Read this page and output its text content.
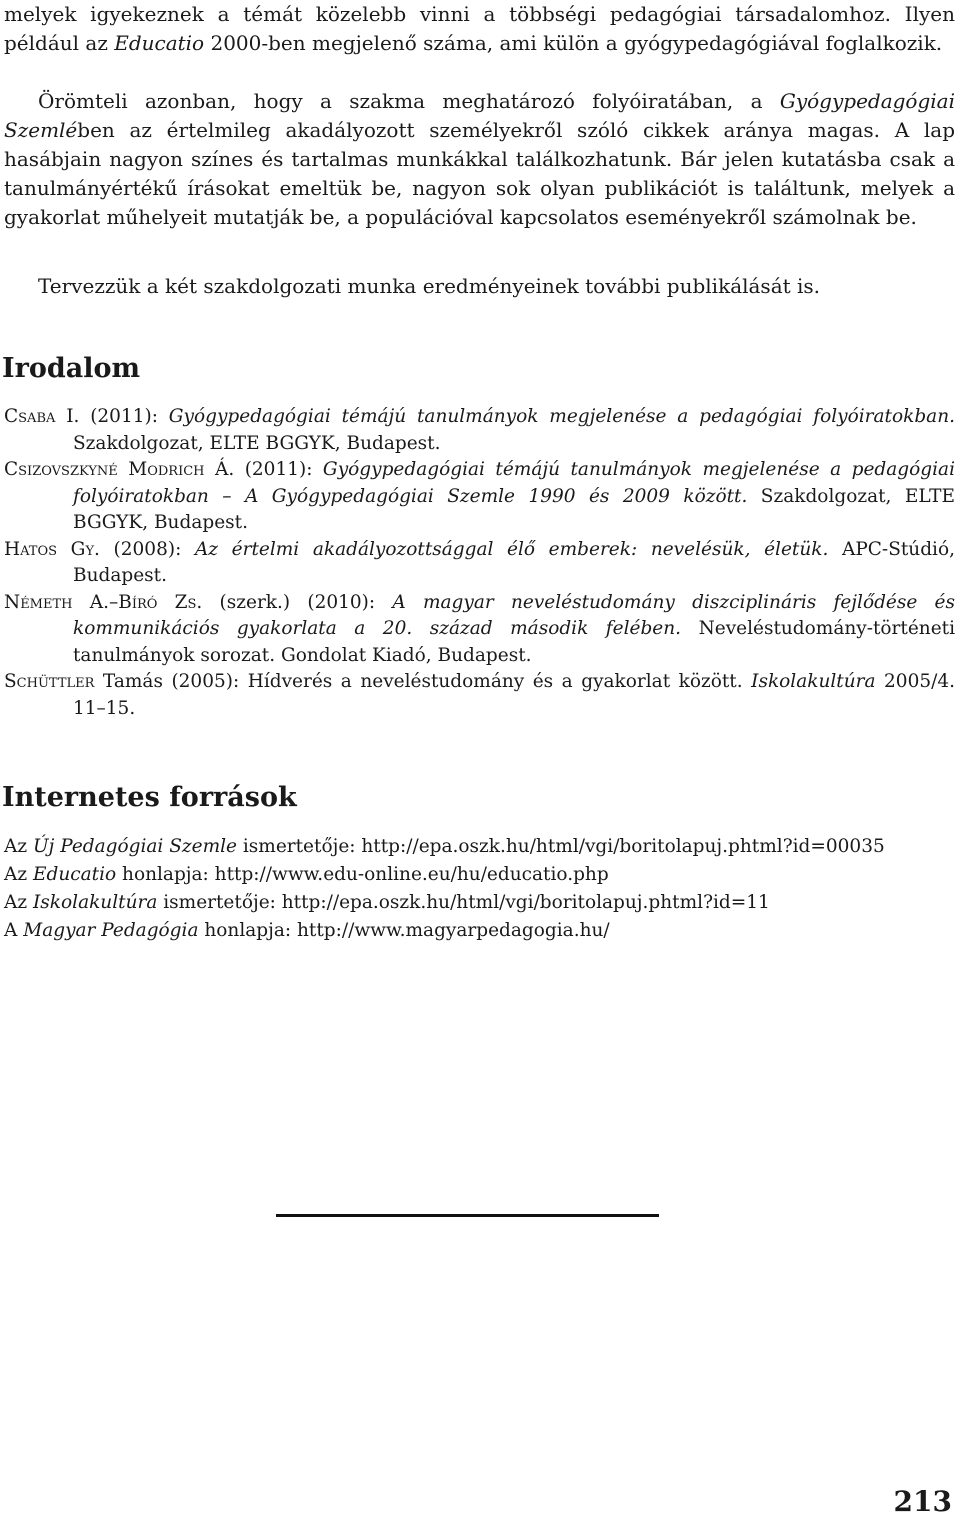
melyek igyekeznek a témát közelebb vinni a többségi pedagógiai társadalomhoz. Ilyen például az Educatio 2000-ben megjelenő száma, ami külön a gyógypedagógiával foglalkozik.

Örömteli azonban, hogy a szakma meghatározó folyóiratában, a Gyógypedagógiai Szemlében az értelmileg akadályozott személyekről szóló cikkek aránya magas. A lap hasábjain nagyon színes és tartalmas munkákkal találkozhatunk. Bár jelen kutatásba csak a tanulmányértékű írásokat emeltük be, nagyon sok olyan publikációt is találtunk, melyek a gyakorlat műhelyeit mutatják be, a populációval kapcsolatos eseményekről számolnak be.

Tervezzük a két szakdolgozati munka eredményeinek további publikálását is.

Irodalom
Csaba I. (2011): Gyógypedagógiai témájú tanulmányok megjelenése a pedagógiai folyóiratokban. Szakdolgozat, ELTE BGGYK, Budapest.
Csizovszkyné Modrich Á. (2011): Gyógypedagógiai témájú tanulmányok megjelenése a pedagógiai folyóiratokban – A Gyógypedagógiai Szemle 1990 és 2009 között. Szakdolgozat, ELTE BGGYK, Budapest.
Hatos Gy. (2008): Az értelmi akadályozottsággal élő emberek: nevelésük, életük. APC-Stúdió, Budapest.
Németh A.–Bíró Zs. (szerk.) (2010): A magyar neveléstudomány diszciplináris fejlődése és kommunikációs gyakorlata a 20. század második felében. Neveléstudomány-történeti tanulmányok sorozat. Gondolat Kiadó, Budapest.
Schüttler Tamás (2005): Hídverés a neveléstudomány és a gyakorlat között. Iskolakultúra 2005/4. 11–15.
Internetes források
Az Új Pedagógiai Szemle ismertetője: http://epa.oszk.hu/html/vgi/boritolapuj.phtml?id=00035
Az Educatio honlapja: http://www.edu-online.eu/hu/educatio.php
Az Iskolakultúra ismertetője: http://epa.oszk.hu/html/vgi/boritolapuj.phtml?id=11
A Magyar Pedagógia honlapja: http://www.magyarpedagogia.hu/
213
